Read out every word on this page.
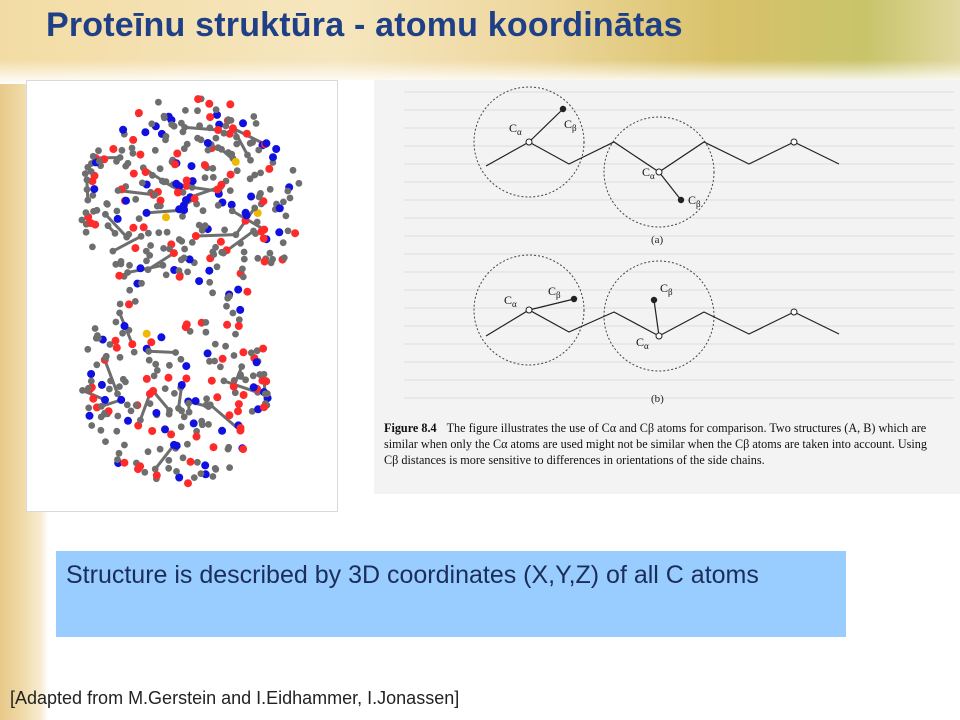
Proteīnu struktūra - atomu koordinātas
$C_\alpha$
$C_\beta$
$C_\alpha$
$C_\beta$
(a)
$C_\alpha$
$C_\beta$
$C_\alpha$
$C_\beta$
(b)
Figure 8.4 The figure illustrates the use of Cα and Cβ atoms for comparison. Two structures (A, B) which are similar when only the Cα atoms are used might not be similar when the Cβ atoms are taken into account. Using Cβ distances is more sensitive to differences in orientations of the side chains.
Structure is described by 3D coordinates (X,Y,Z) of all C atoms
[Adapted from M.Gerstein and I.Eidhammer, I.Jonassen]
